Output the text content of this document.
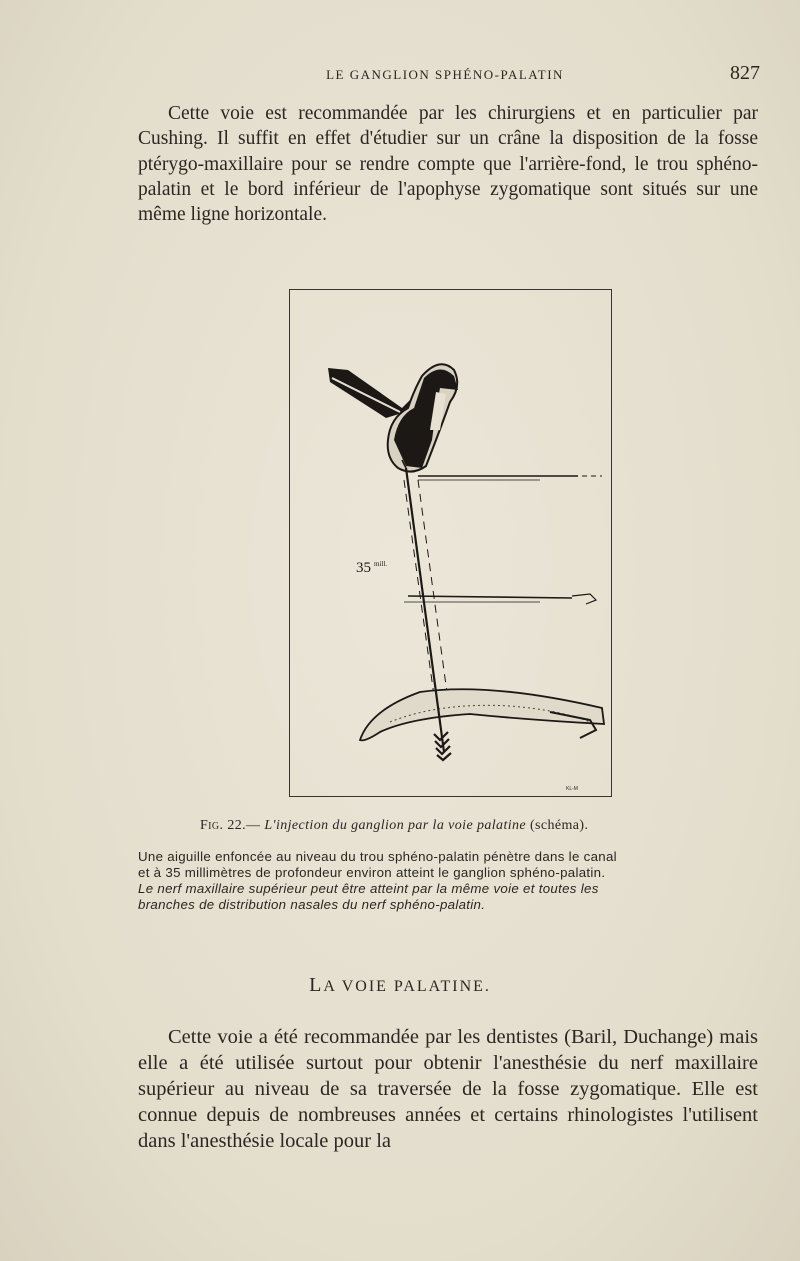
LE GANGLION SPHÉNO-PALATIN	827

Cette voie est recommandée par les chirurgiens et en particulier par Cushing. Il suffit en effet d'étudier sur un crâne la disposition de la fosse ptérygo-maxillaire pour se rendre compte que l'arrière-fond, le trou sphéno-palatin et le bord inférieur de l'apophyse zygomatique sont situés sur une même ligne horizontale.

35 mill.
KL-M
Fig. 22.— L'injection du ganglion par la voie palatine (schéma).
Une aiguille enfoncée au niveau du trou sphéno-palatin pénètre dans le canal
et à 35 millimètres de profondeur environ atteint le ganglion sphéno-palatin.
Le nerf maxillaire supérieur peut être atteint par la même voie et toutes les
branches de distribution nasales du nerf sphéno-palatin.
LA VOIE PALATINE.

Cette voie a été recommandée par les dentistes (Baril, Duchange) mais elle a été utilisée surtout pour obtenir l'anesthésie du nerf maxillaire supérieur au niveau de sa traversée de la fosse zygomatique. Elle est connue depuis de nombreuses années et certains rhinologistes l'utilisent dans l'anesthésie locale pour la
